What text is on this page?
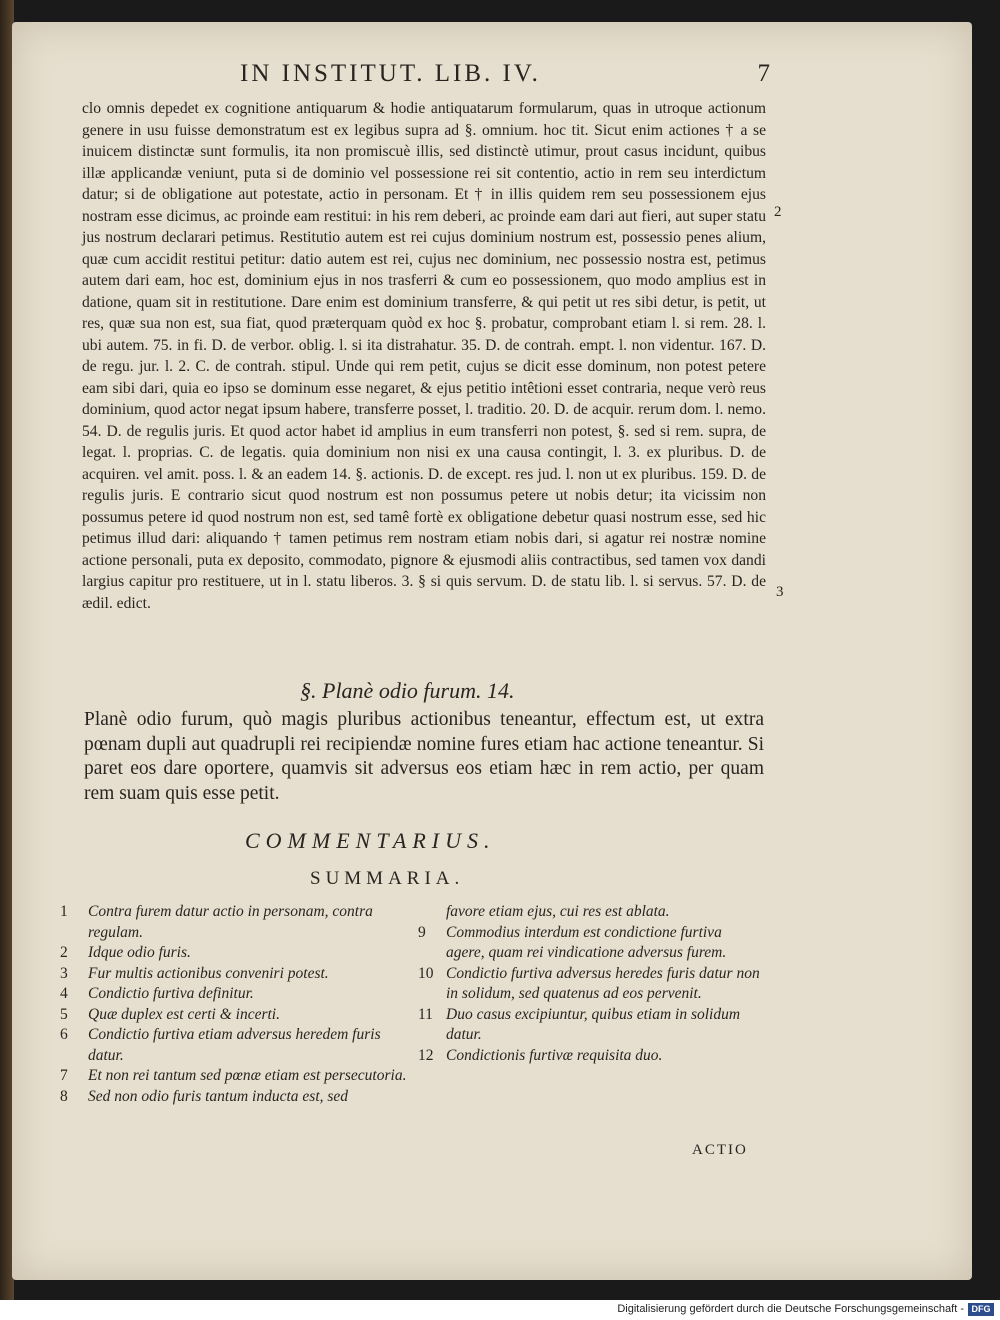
IN INSTITUT. LIB. IV.	7

clo omnis depedet ex cognitione antiquarum & hodie antiquatarum formularum, quas in utroque actionum genere in usu fuisse demonstratum est ex legibus supra ad §. omnium. hoc tit. Sicut enim actiones † a se inuicem distinctæ sunt formulis, ita non promiscuè illis, sed distinctè utimur, prout casus incidunt, quibus illæ applicandæ veniunt, puta si de dominio vel possessione rei sit contentio, actio in rem seu interdictum datur; si de obligatione aut potestate, actio in personam. Et † in illis quidem rem seu possessionem ejus nostram esse dicimus, ac proinde eam restitui: in his rem deberi, ac proinde eam dari aut fieri, aut super statu jus nostrum declarari petimus. Restitutio autem est rei cujus dominium nostrum est, possessio penes alium, quæ cum accidit restitui petitur: datio autem est rei, cujus nec dominium, nec possessio nostra est, petimus autem dari eam, hoc est, dominium ejus in nos trasferri & cum eo possessionem, quo modo amplius est in datione, quam sit in restitutione. Dare enim est dominium transferre, & qui petit ut res sibi detur, is petit, ut res, quæ sua non est, sua fiat, quod præterquam quòd ex hoc §. probatur, comprobant etiam l. si rem. 28. l. ubi autem. 75. in fi. D. de verbor. oblig. l. si ita distrahatur. 35. D. de contrah. empt. l. non videntur. 167. D. de regu. jur. l. 2. C. de contrah. stipul. Unde qui rem petit, cujus se dicit esse dominum, non potest petere eam sibi dari, quia eo ipso se dominum esse negaret, & ejus petitio intêtioni esset contraria, neque verò reus dominium, quod actor negat ipsum habere, transferre posset, l. traditio. 20. D. de acquir. rerum dom. l. nemo. 54. D. de regulis juris. Et quod actor habet id amplius in eum transferri non potest, §. sed si rem. supra, de legat. l. proprias. C. de legatis. quia dominium non nisi ex una causa contingit, l. 3. ex pluribus. D. de acquiren. vel amit. poss. l. & an eadem 14. §. actionis. D. de except. res jud. l. non ut ex pluribus. 159. D. de regulis juris. E contrario sicut quod nostrum est non possumus petere ut nobis detur; ita vicissim non possumus petere id quod nostrum non est, sed tamê fortè ex obligatione debetur quasi nostrum esse, sed hic petimus illud dari: aliquando † tamen petimus rem nostram etiam nobis dari, si agatur rei nostræ nomine actione personali, puta ex deposito, commodato, pignore & ejusmodi aliis contractibus, sed tamen vox dandi largius capitur pro restituere, ut in l. statu liberos. 3. § si quis servum. D. de statu lib. l. si servus. 57. D. de ædil. edict.

2
3
§. Planè odio furum. 14.

Planè odio furum, quò magis pluribus actionibus teneantur, effectum est, ut extra pœnam dupli aut quadrupli rei recipiendæ nomine fures etiam hac actione teneantur. Si paret eos dare oportere, quamvis sit adversus eos etiam hæc in rem actio, per quam rem suam quis esse petit.

COMMENTARIUS.
SUMMARIA.
1	Contra furem datur actio in personam, contra regulam.
2	Idque odio furis.
3	Fur multis actionibus conveniri potest.
4	Condictio furtiva definitur.
5	Quæ duplex est certi & incerti.
6	Condictio furtiva etiam adversus heredem furis datur.
7	Et non rei tantum sed pœnæ etiam est persecutoria.
8	Sed non odio furis tantum inducta est, sed
favore etiam ejus, cui res est ablata.
9	Commodius interdum est condictione furtiva agere, quam rei vindicatione adversus furem.
10 Condictio furtiva adversus heredes furis datur non in solidum, sed quatenus ad eos pervenit.
11 Duo casus excipiuntur, quibus etiam in solidum datur.
12 Condictionis furtivæ requisita duo.
ACTIO
Digitalisierung gefördert durch die Deutsche Forschungsgemeinschaft - DFG
